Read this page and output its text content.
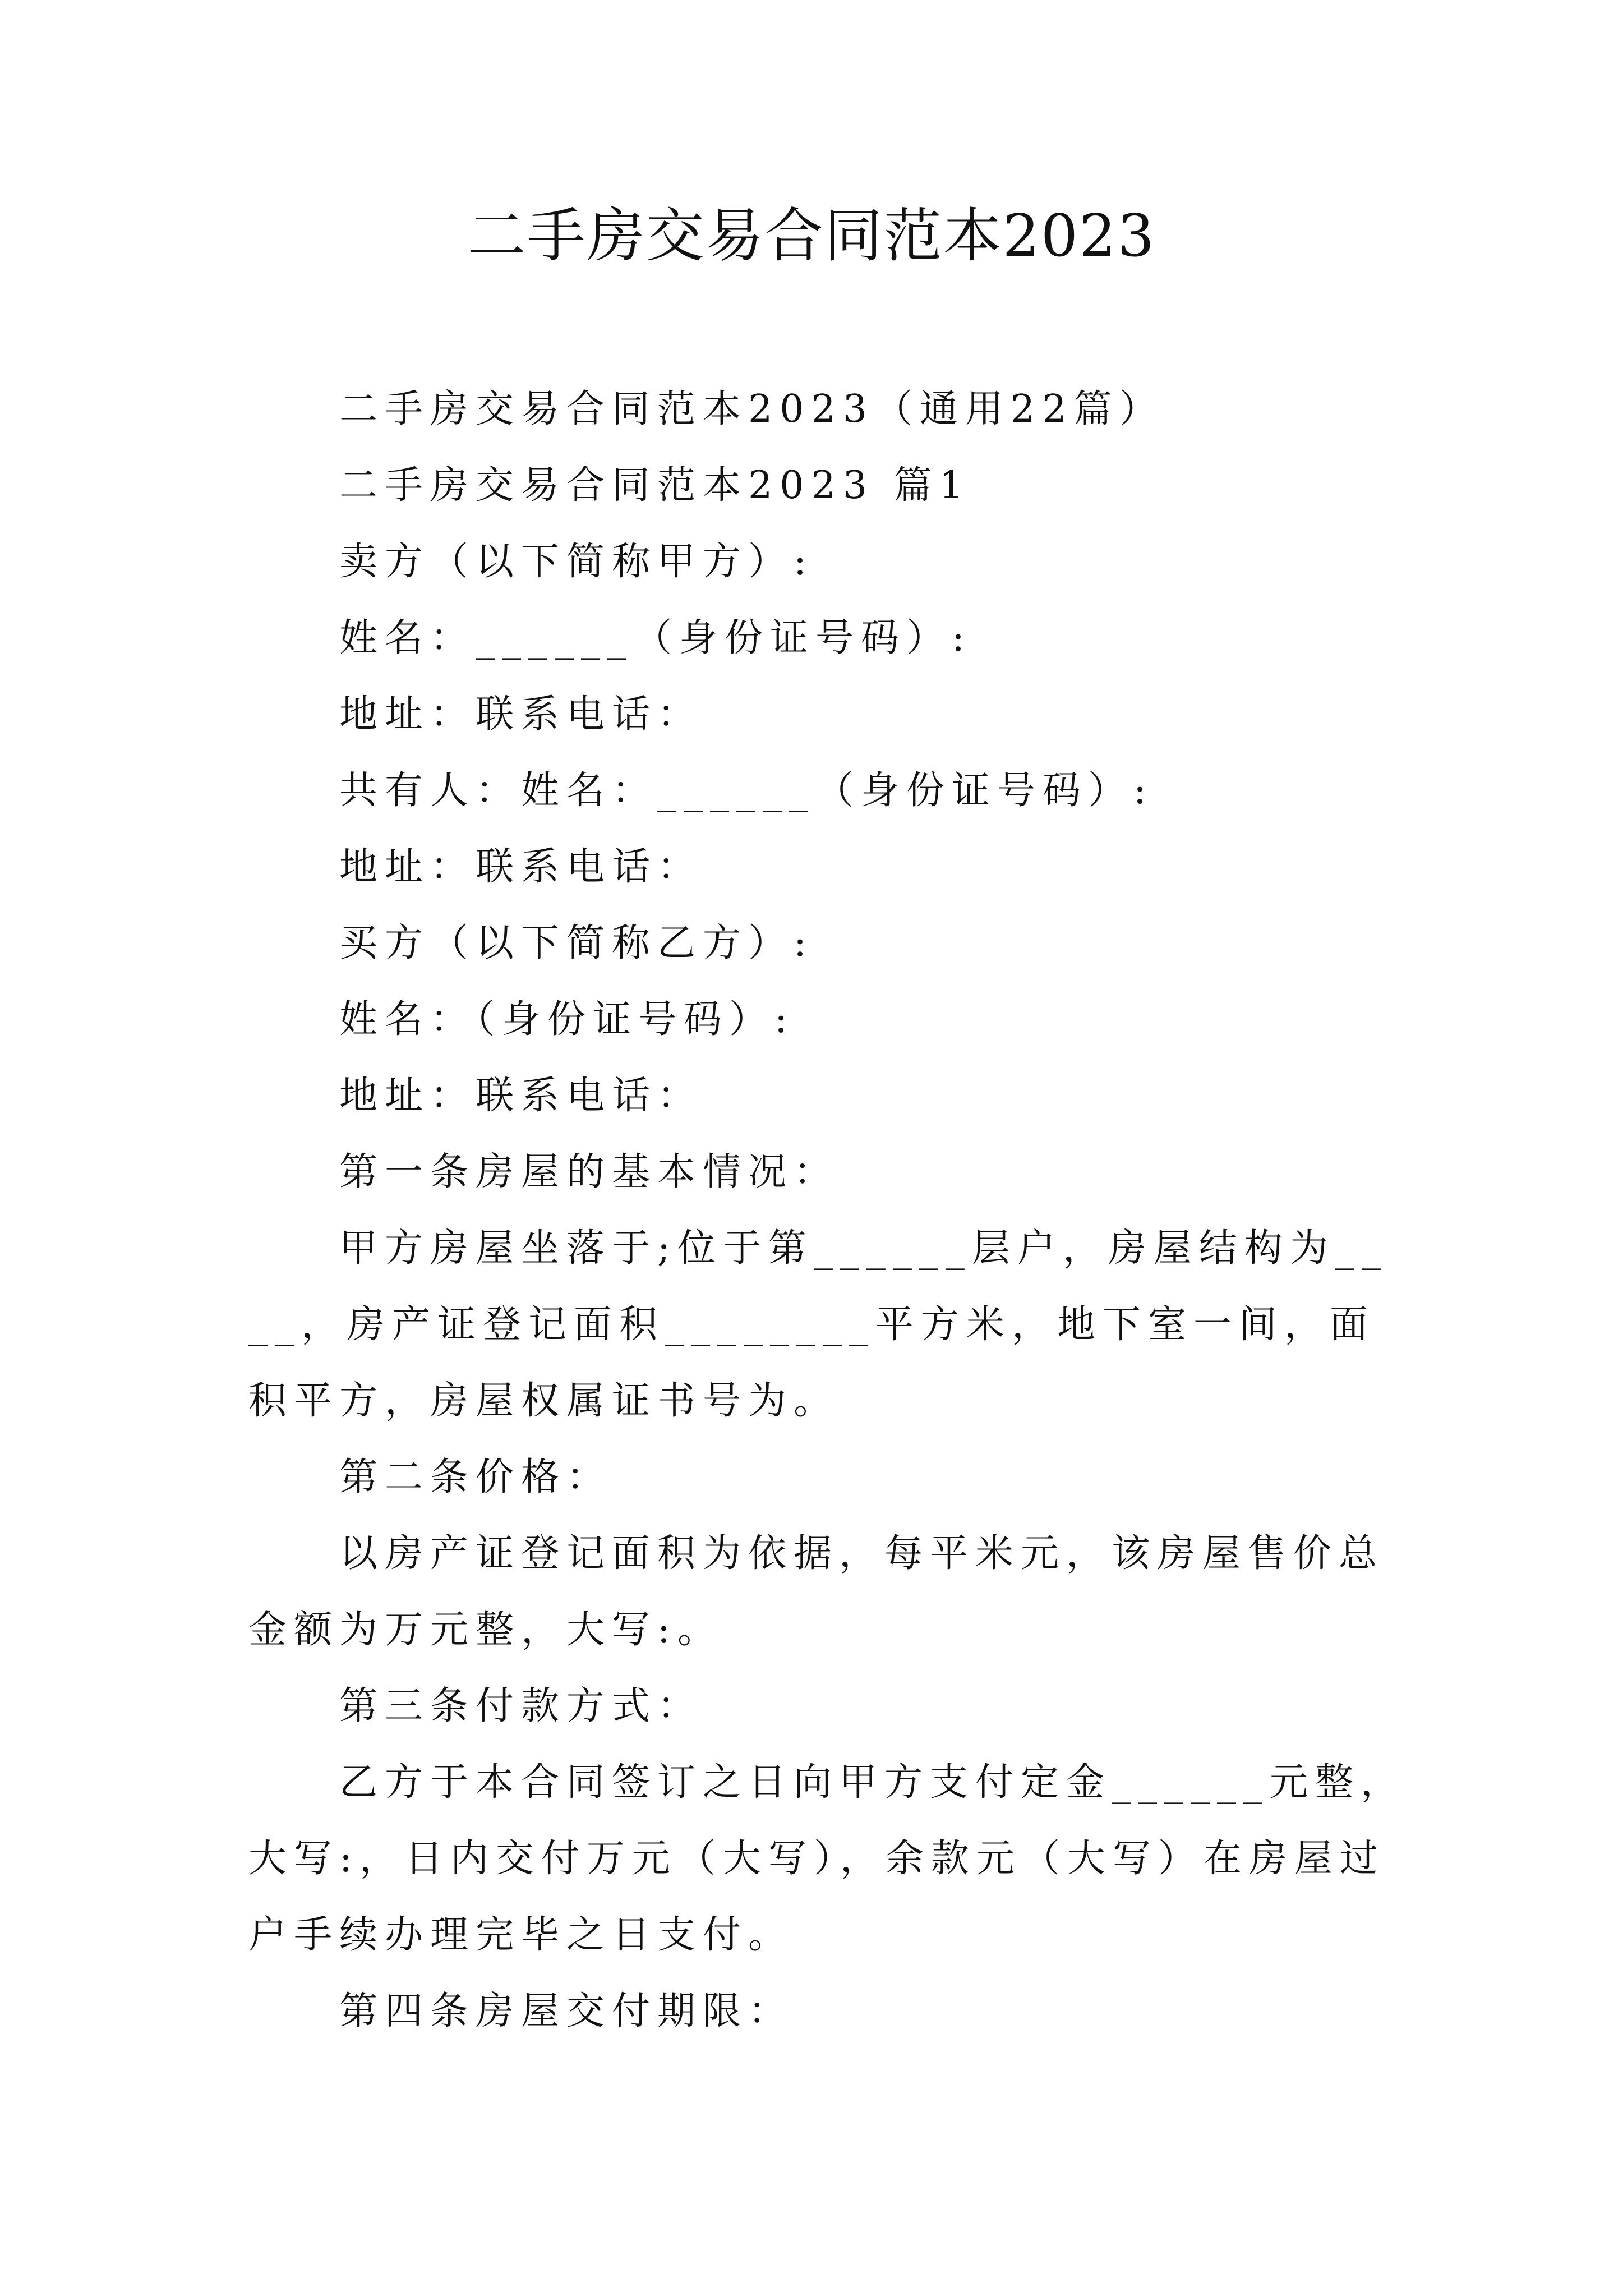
二手房交易合同范本2023

二手房交易合同范本2023（通用22篇）

二手房交易合同范本2023 篇1

卖方（以下简称甲方）:

姓名：______（身份证号码）:

地址：联系电话：

共有人：姓名：______（身份证号码）:

地址：联系电话：

买方（以下简称乙方）:

姓名：（身份证号码）:

地址：联系电话：

第一条房屋的基本情况：

甲方房屋坐落于;位于第______层户，房屋结构为____，房产证登记面积________平方米，地下室一间，面积平方，房屋权属证书号为。

第二条价格：

以房产证登记面积为依据，每平米元，该房屋售价总金额为万元整，大写:。

第三条付款方式：

乙方于本合同签订之日向甲方支付定金______元整，大写:，日内交付万元（大写），余款元（大写）在房屋过户手续办理完毕之日支付。

第四条房屋交付期限：
